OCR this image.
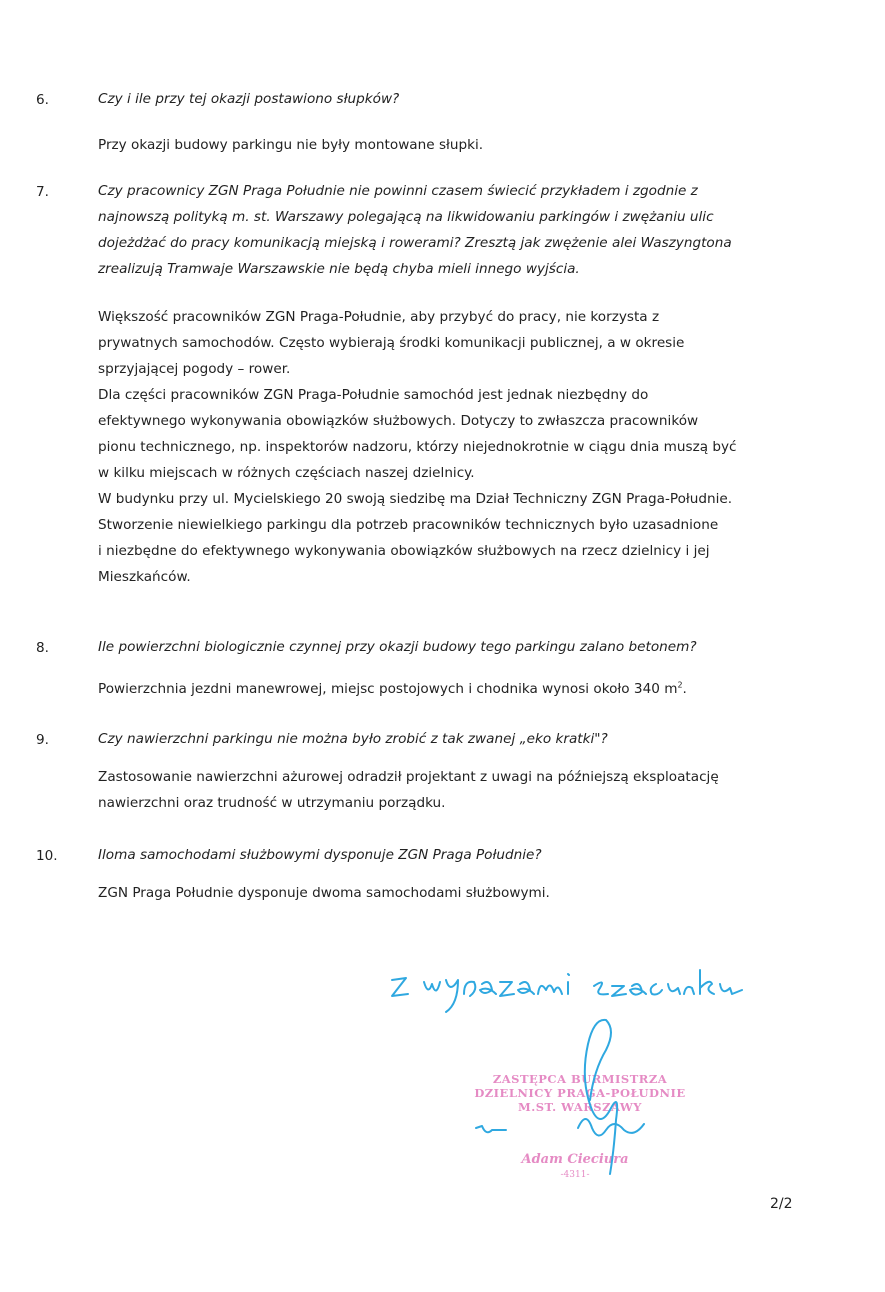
6.	Czy i ile przy tej okazji postawiono słupków?
Przy okazji budowy parkingu nie były montowane słupki.
7.	Czy pracownicy ZGN Praga Południe nie powinni czasem świecić przykładem i zgodnie z
najnowszą polityką m. st. Warszawy polegającą na likwidowaniu parkingów i zwężaniu ulic
dojeżdżać do pracy komunikacją miejską i rowerami? Zresztą jak zwężenie alei Waszyngtona
zrealizują Tramwaje Warszawskie nie będą chyba mieli innego wyjścia.
Większość pracowników ZGN Praga-Południe, aby przybyć do pracy, nie korzysta z
prywatnych samochodów. Często wybierają środki komunikacji publicznej, a w okresie
sprzyjającej pogody – rower.
Dla części pracowników ZGN Praga-Południe samochód jest jednak niezbędny do
efektywnego wykonywania obowiązków służbowych. Dotyczy to zwłaszcza pracowników
pionu technicznego, np. inspektorów nadzoru, którzy niejednokrotnie w ciągu dnia muszą być
w kilku miejscach w różnych częściach naszej dzielnicy.
W budynku przy ul. Mycielskiego 20 swoją siedzibę ma Dział Techniczny ZGN Praga-Południe.
Stworzenie niewielkiego parkingu dla potrzeb pracowników technicznych było uzasadnione
i niezbędne do efektywnego wykonywania obowiązków służbowych na rzecz dzielnicy i jej
Mieszkańców.
8.	Ile powierzchni biologicznie czynnej przy okazji budowy tego parkingu zalano betonem?
Powierzchnia jezdni manewrowej, miejsc postojowych i chodnika wynosi około 340 $m^2$.
9.	Czy nawierzchni parkingu nie można było zrobić z tak zwanej „eko kratki"?
Zastosowanie nawierzchni ażurowej odradził projektant z uwagi na późniejszą eksploatację
nawierzchni oraz trudność w utrzymaniu porządku.
10.	Iloma samochodami służbowymi dysponuje ZGN Praga Południe?
ZGN Praga Południe dysponuje dwoma samochodami służbowymi.
ZASTĘPCA BURMISTRZA
DZIELNICY PRAGA-POŁUDNIE
M.ST. WARSZAWY
Adam Cieciura
-4311-
2/2
